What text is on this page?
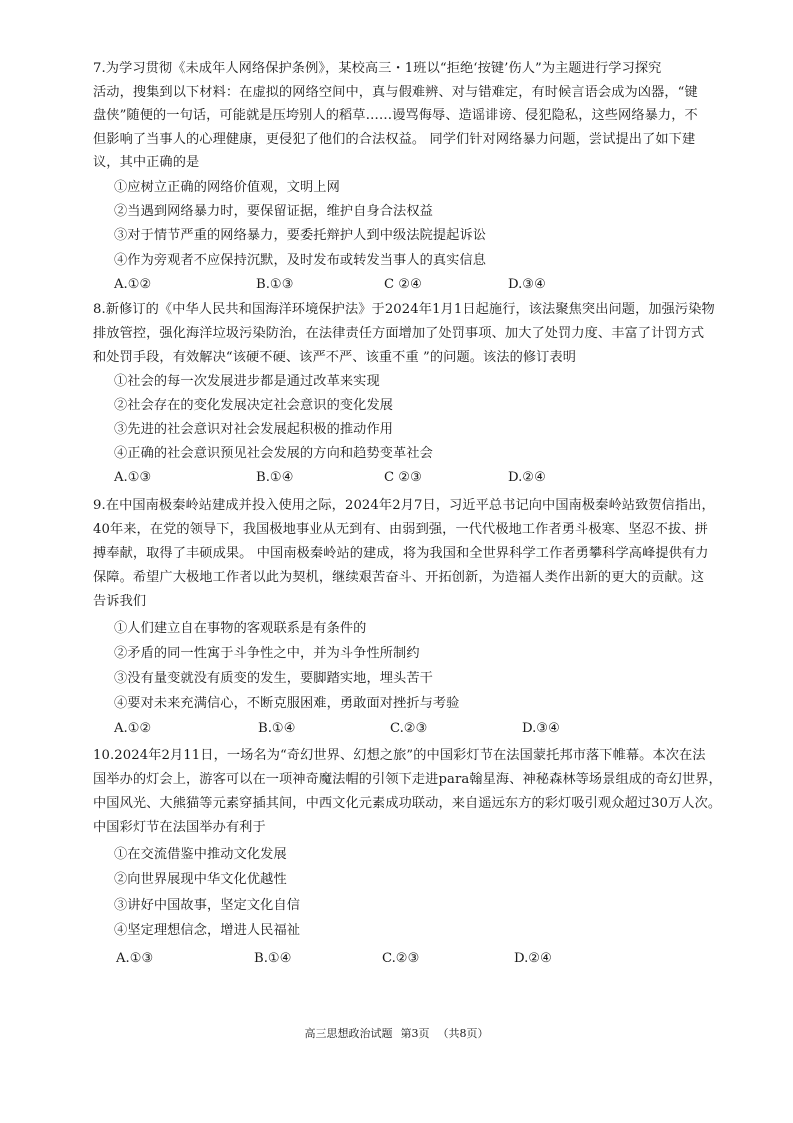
7.为学习贯彻《未成年人网络保护条例》，某校高三・1班以“拒绝‘按键’伤人”为主题进行学习探究
活动，搜集到以下材料：在虚拟的网络空间中，真与假难辨、对与错难定，有时候言语会成为凶器，“键
盘侠”随便的一句话，可能就是压垮别人的稻草……谩骂侮辱、造谣诽谤、侵犯隐私，这些网络暴力，不
但影响了当事人的心理健康，更侵犯了他们的合法权益。 同学们针对网络暴力问题，尝试提出了如下建
议，其中正确的是
①应树立正确的网络价值观，文明上网
②当遇到网络暴力时，要保留证据，维护自身合法权益
③对于情节严重的网络暴力，要委托辩护人到中级法院提起诉讼
④作为旁观者不应保持沉默，及时发布或转发当事人的真实信息
A.①②	B.①③	C ②④	D.③④
8.新修订的《中华人民共和国海洋环境保护法》于2024年1月1日起施行，该法聚焦突出问题，加强污染物
排放管控，强化海洋垃圾污染防治，在法律责任方面增加了处罚事项、加大了处罚力度、丰富了计罚方式
和处罚手段，有效解决“该硬不硬、该严不严、该重不重 ”的问题。该法的修订表明
①社会的每一次发展进步都是通过改革来实现
②社会存在的变化发展决定社会意识的变化发展
③先进的社会意识对社会发展起积极的推动作用
④正确的社会意识预见社会发展的方向和趋势变革社会
A.①③	B.①④	C ②③	D.②④
9.在中国南极秦岭站建成并投入使用之际，2024年2月7日，习近平总书记向中国南极秦岭站致贺信指出，
40年来，在党的领导下，我国极地事业从无到有、由弱到强，一代代极地工作者勇斗极寒、坚忍不拔、拼
搏奉献，取得了丰硕成果。 中国南极秦岭站的建成，将为我国和全世界科学工作者勇攀科学高峰提供有力
保障。希望广大极地工作者以此为契机，继续艰苦奋斗、开拓创新，为造福人类作出新的更大的贡献。这
告诉我们
①人们建立自在事物的客观联系是有条件的
②矛盾的同一性寓于斗争性之中，并为斗争性所制约
③没有量变就没有质变的发生，要脚踏实地，埋头苦干
④要对未来充满信心，不断克服困难，勇敢面对挫折与考验
A.①②	B.①④	C.②③	D.③④
10.2024年2月11日，一场名为“奇幻世界、幻想之旅”的中国彩灯节在法国蒙托邦市落下帷幕。本次在法
国举办的灯会上，游客可以在一项神奇魔法帽的引领下走进para翰星海、神秘森林等场景组成的奇幻世界，
中国风光、大熊猫等元素穿插其间，中西文化元素成功联动，来自遥远东方的彩灯吸引观众超过30万人次。
中国彩灯节在法国举办有利于
①在交流借鉴中推动文化发展
②向世界展现中华文化优越性
③讲好中国故事，坚定文化自信
④坚定理想信念，增进人民福祉
A.①③	B.①④	C.②③	D.②④
高三思想政治试题 第3页 （共8页）
